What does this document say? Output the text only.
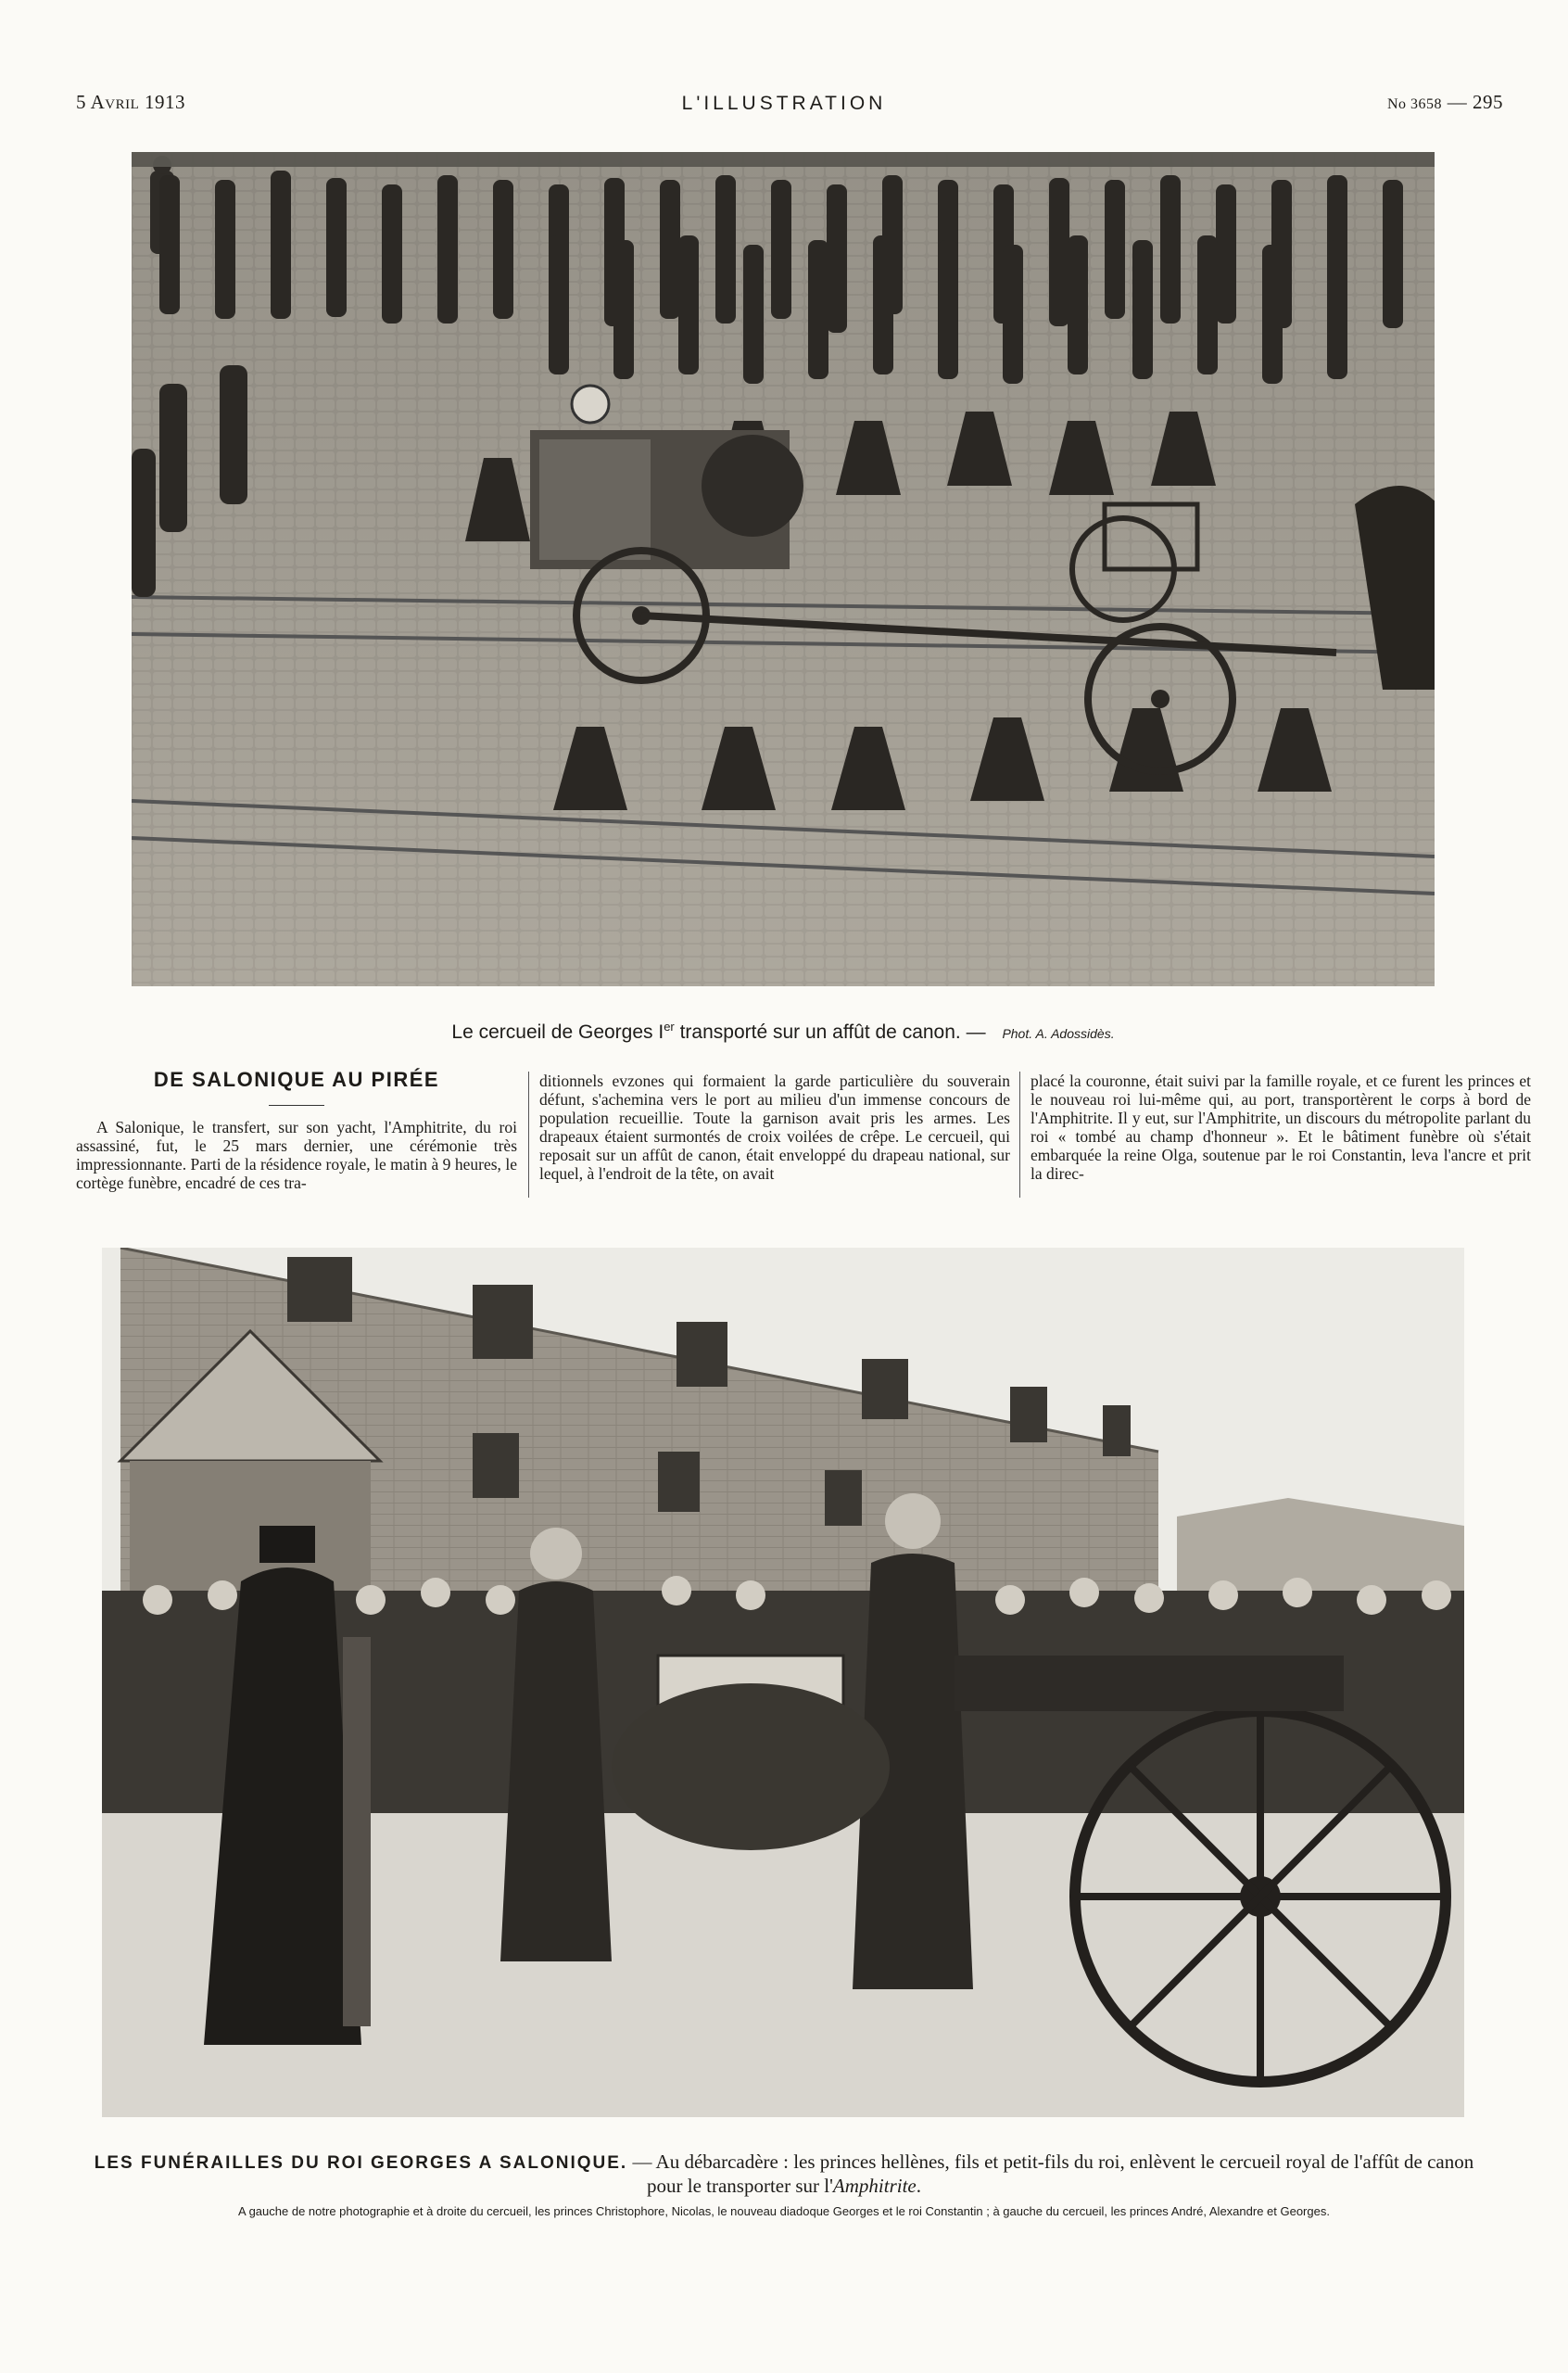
5 Avril 1913	L'ILLUSTRATION	No 3658 — 295
Le cercueil de Georges Ier transporté sur un affût de canon. — Phot. A. Adossidès.
DE SALONIQUE AU PIRÉE
A Salonique, le transfert, sur son yacht, l'Amphitrite, du roi assassiné, fut, le 25 mars dernier, une cérémonie très impressionnante. Parti de la résidence royale, le matin à 9 heures, le cortège funèbre, encadré de ces tra-
ditionnels evzones qui formaient la garde particulière du souverain défunt, s'achemina vers le port au milieu d'un immense concours de population recueillie. Toute la garnison avait pris les armes. Les drapeaux étaient surmontés de croix voilées de crêpe. Le cercueil, qui reposait sur un affût de canon, était enveloppé du drapeau national, sur lequel, à l'endroit de la tête, on avait
placé la couronne, était suivi par la famille royale, et ce furent les princes et le nouveau roi lui-même qui, au port, transportèrent le corps à bord de l'Amphitrite. Il y eut, sur l'Amphitrite, un discours du métropolite parlant du roi « tombé au champ d'honneur ». Et le bâtiment funèbre où s'était embarquée la reine Olga, soutenue par le roi Constantin, leva l'ancre et prit la direc-
LES FUNÉRAILLES DU ROI GEORGES A SALONIQUE. — Au débarcadère : les princes hellènes, fils et petit-fils du roi, enlèvent le cercueil royal de l'affût de canon pour le transporter sur l'Amphitrite.
A gauche de notre photographie et à droite du cercueil, les princes Christophore, Nicolas, le nouveau diadoque Georges et le roi Constantin ; à gauche du cercueil, les princes André, Alexandre et Georges.
